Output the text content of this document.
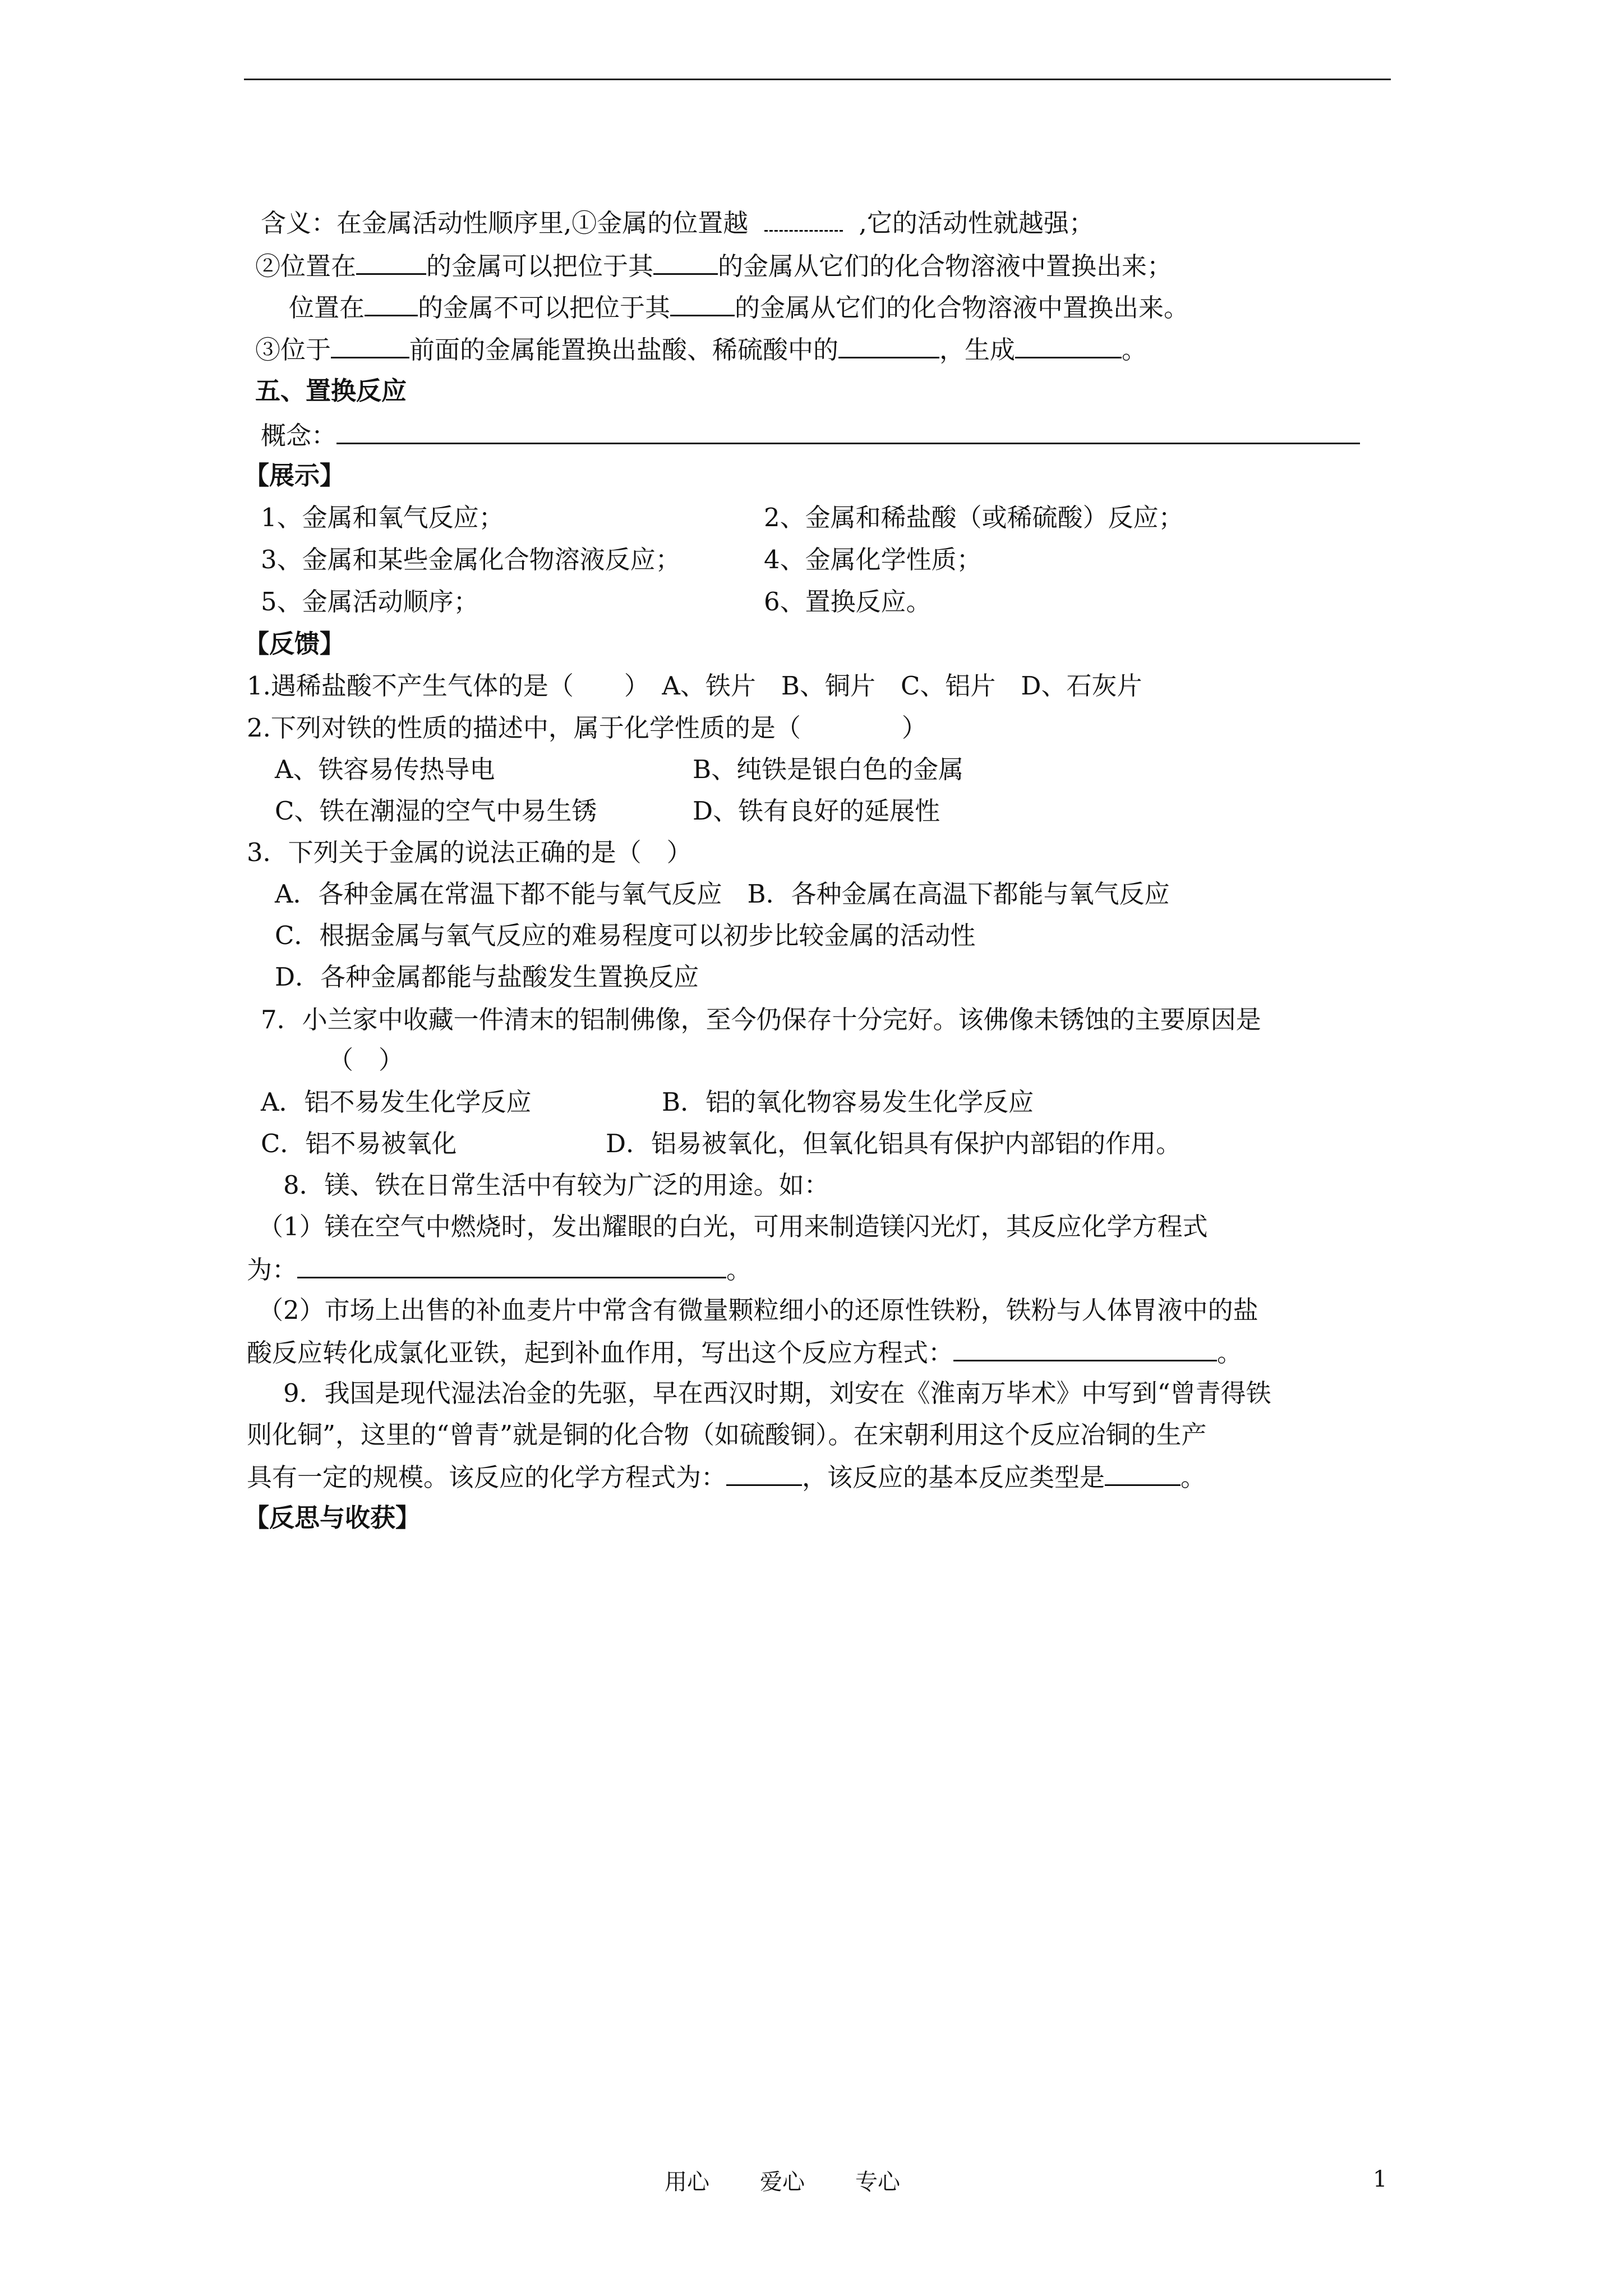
含义：在金属活动性顺序里,①金属的位置越	,它的活动性就越强；
②位置在	的金属可以把位于其	的金属从它们的化合物溶液中置换出来；
位置在 的金属不可以把位于其	的金属从它们的化合物溶液中置换出来。
③位于	前面的金属能置换出盐酸、稀硫酸中的	，生成	。
五、置换反应
概念：
【展示】
1、金属和氧气反应；	2、金属和稀盐酸（或稀硫酸）反应；
3、金属和某些金属化合物溶液反应；	4、金属化学性质；
5、金属活动顺序；	6、置换反应。
【反馈】
1.遇稀盐酸不产生气体的是（　　）　A、铁片　B、铜片　C、铝片　D、石灰片
2.下列对铁的性质的描述中，属于化学性质的是（　　　　）
A、铁容易传热导电	B、纯铁是银白色的金属
C、铁在潮湿的空气中易生锈	D、铁有良好的延展性
3．下列关于金属的说法正确的是（　）
A．各种金属在常温下都不能与氧气反应　B．各种金属在高温下都能与氧气反应
C．根据金属与氧气反应的难易程度可以初步比较金属的活动性
D．各种金属都能与盐酸发生置换反应
7．小兰家中收藏一件清末的铝制佛像，至今仍保存十分完好。该佛像未锈蚀的主要原因是
（　）
A．铝不易发生化学反应	B．铝的氧化物容易发生化学反应
C．铝不易被氧化	D．铝易被氧化，但氧化铝具有保护内部铝的作用。
8．镁、铁在日常生活中有较为广泛的用途。如：
（1）镁在空气中燃烧时，发出耀眼的白光，可用来制造镁闪光灯，其反应化学方程式
为：	。
（2）市场上出售的补血麦片中常含有微量颗粒细小的还原性铁粉，铁粉与人体胃液中的盐
酸反应转化成氯化亚铁，起到补血作用，写出这个反应方程式：	。
9．我国是现代湿法冶金的先驱，早在西汉时期，刘安在《淮南万毕术》中写到“曾青得铁
则化铜”，这里的“曾青”就是铜的化合物（如硫酸铜）。在宋朝利用这个反应冶铜的生产
具有一定的规模。该反应的化学方程式为：	，该反应的基本反应类型是	。
【反思与收获】
用心 爱心 专心	1
